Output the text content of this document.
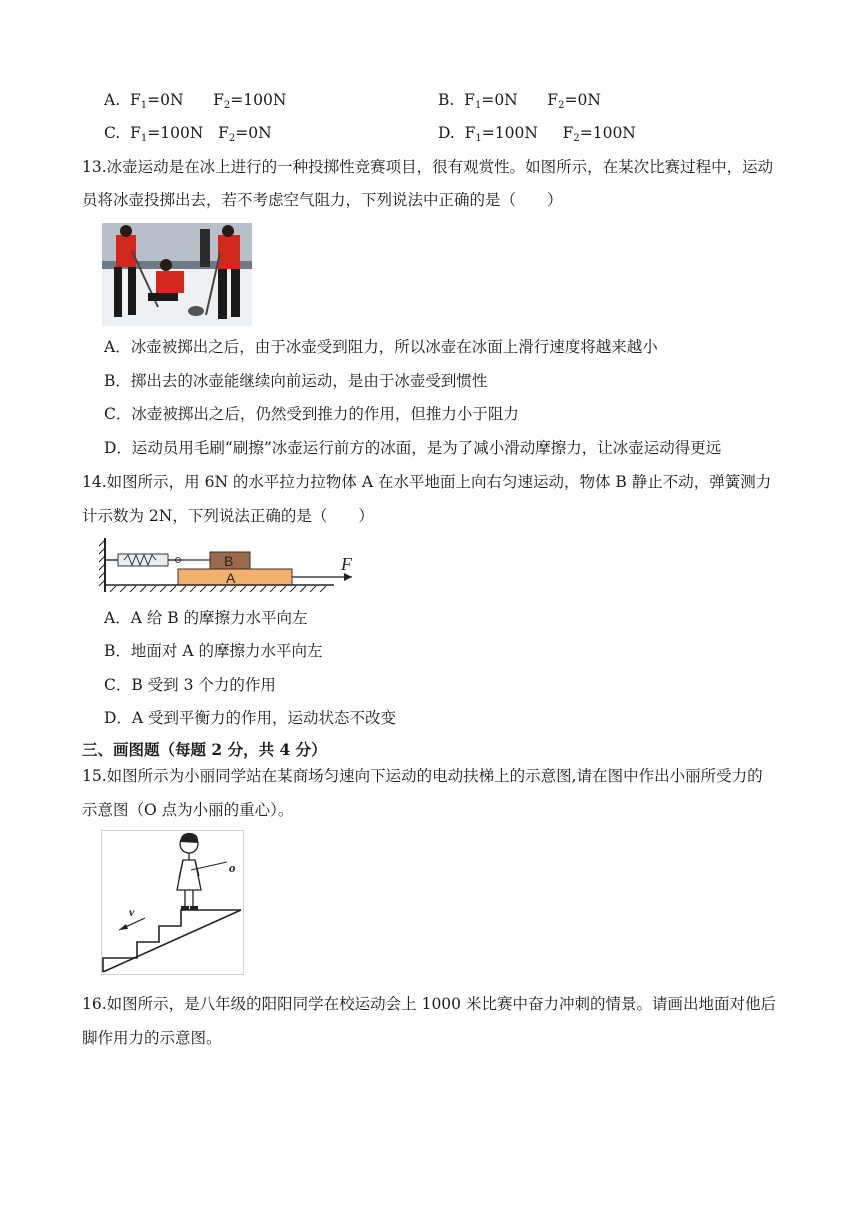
A.  F1=0N      F2=100N	B.  F1=0N      F2=0N
C.  F1=100N   F2=0N	D.  F1=100N     F2=100N
13.冰壶运动是在冰上进行的一种投掷性竞赛项目，很有观赏性。如图所示，在某次比赛过程中，运动
员将冰壶投掷出去，若不考虑空气阻力，下列说法中正确的是（　　）
A．冰壶被掷出之后，由于冰壶受到阻力，所以冰壶在冰面上滑行速度将越来越小
B．掷出去的冰壶能继续向前运动，是由于冰壶受到惯性
C．冰壶被掷出之后，仍然受到推力的作用，但推力小于阻力
D．运动员用毛刷“刷擦”冰壶运行前方的冰面，是为了减小滑动摩擦力，让冰壶运动得更远
14.如图所示，用 6N 的水平拉力拉物体 A 在水平地面上向右匀速运动，物体 B 静止不动，弹簧测力
计示数为 2N，下列说法正确的是（　　）
B
A
F
A．A 给 B 的摩擦力水平向左
B．地面对 A 的摩擦力水平向左
C．B 受到 3 个力的作用
D．A 受到平衡力的作用，运动状态不改变
三、画图题（每题 2 分，共 4 分）
15.如图所示为小丽同学站在某商场匀速向下运动的电动扶梯上的示意图,请在图中作出小丽所受力的
示意图（O 点为小丽的重心）。
o
v
16.如图所示，是八年级的阳阳同学在校运动会上 1000 米比赛中奋力冲刺的情景。请画出地面对他后
脚作用力的示意图。
